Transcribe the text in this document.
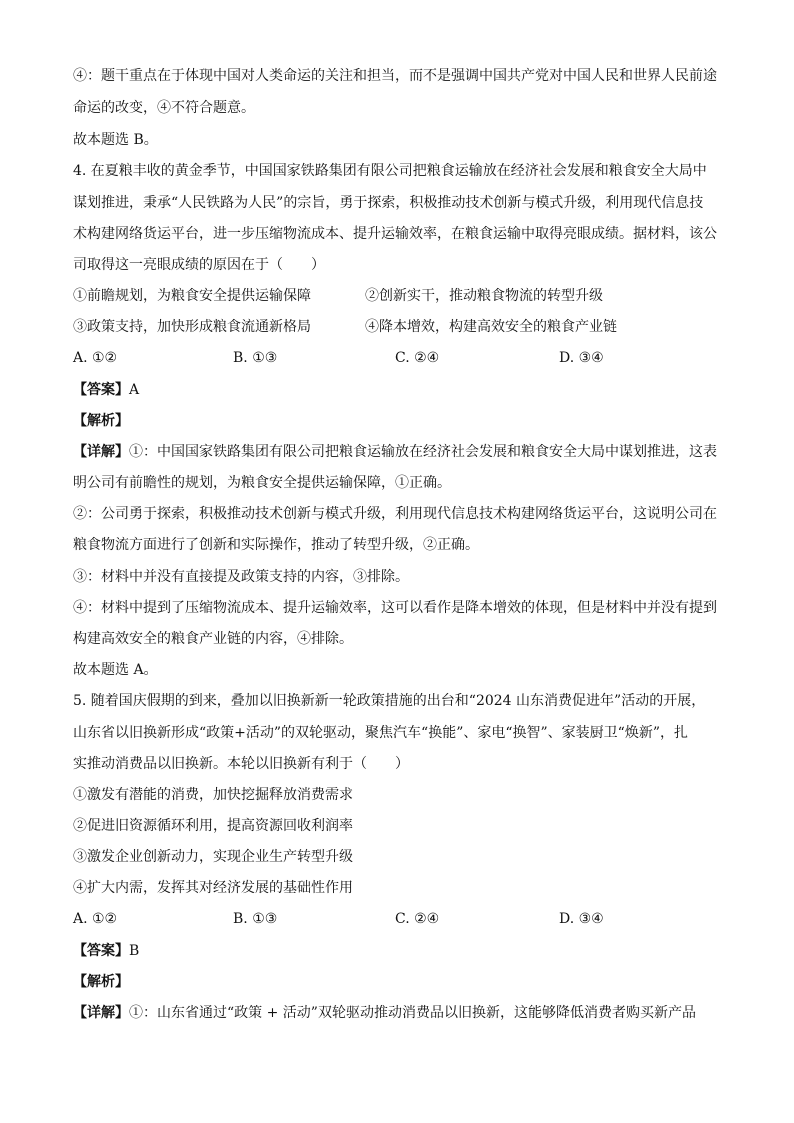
④：题干重点在于体现中国对人类命运的关注和担当，而不是强调中国共产党对中国人民和世界人民前途
命运的改变，④不符合题意。
故本题选 B。
4. 在夏粮丰收的黄金季节，中国国家铁路集团有限公司把粮食运输放在经济社会发展和粮食安全大局中
谋划推进，秉承“人民铁路为人民”的宗旨，勇于探索，积极推动技术创新与模式升级，利用现代信息技
术构建网络货运平台，进一步压缩物流成本、提升运输效率，在粮食运输中取得亮眼成绩。据材料，该公
司取得这一亮眼成绩的原因在于（　　）
①前瞻规划，为粮食安全提供运输保障	②创新实干，推动粮食物流的转型升级
③政策支持，加快形成粮食流通新格局	④降本增效，构建高效安全的粮食产业链
A. ①②	B. ①③	C. ②④	D. ③④
【答案】A
【解析】
【详解】①：中国国家铁路集团有限公司把粮食运输放在经济社会发展和粮食安全大局中谋划推进，这表
明公司有前瞻性的规划，为粮食安全提供运输保障，①正确。
②：公司勇于探索，积极推动技术创新与模式升级，利用现代信息技术构建网络货运平台，这说明公司在
粮食物流方面进行了创新和实际操作，推动了转型升级，②正确。
③：材料中并没有直接提及政策支持的内容，③排除。
④：材料中提到了压缩物流成本、提升运输效率，这可以看作是降本增效的体现，但是材料中并没有提到
构建高效安全的粮食产业链的内容，④排除。
故本题选 A。
5. 随着国庆假期的到来，叠加以旧换新新一轮政策措施的出台和“2024 山东消费促进年”活动的开展，
山东省以旧换新形成“政策+活动”的双轮驱动，聚焦汽车“换能”、家电“换智”、家装厨卫“焕新”，扎
实推动消费品以旧换新。本轮以旧换新有利于（　　）
①激发有潜能的消费，加快挖掘释放消费需求
②促进旧资源循环利用，提高资源回收利润率
③激发企业创新动力，实现企业生产转型升级
④扩大内需，发挥其对经济发展的基础性作用
A. ①②	B. ①③	C. ②④	D. ③④
【答案】B
【解析】
【详解】①：山东省通过“政策 + 活动”双轮驱动推动消费品以旧换新，这能够降低消费者购买新产品
